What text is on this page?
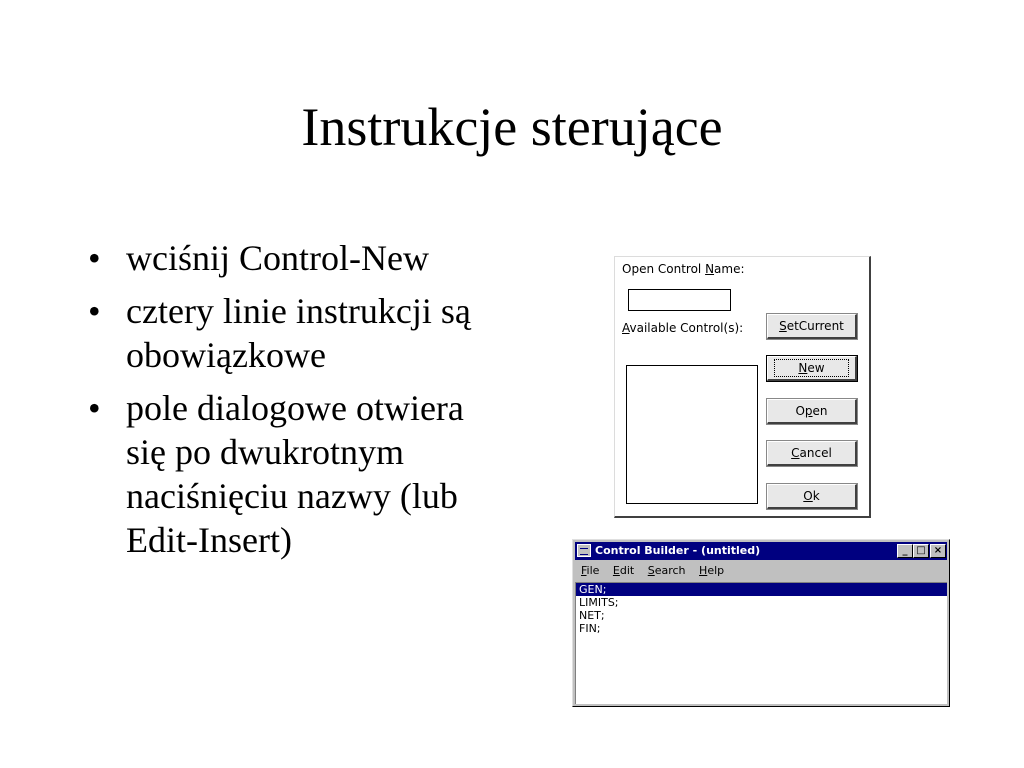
Instrukcje sterujące
• wciśnij Control-New
• cztery linie instrukcji są
obowiązkowe
• pole dialogowe otwiera
się po dwukrotnym
naciśnięciu nazwy (lub
Edit-Insert)
Open Control Name:
Available Control(s):	SetCurrent
New
Open
Cancel
Ok
Control Builder - (untitled)	_ □ ×
File Edit Search Help
GEN;
LIMITS;
NET;
FIN;
